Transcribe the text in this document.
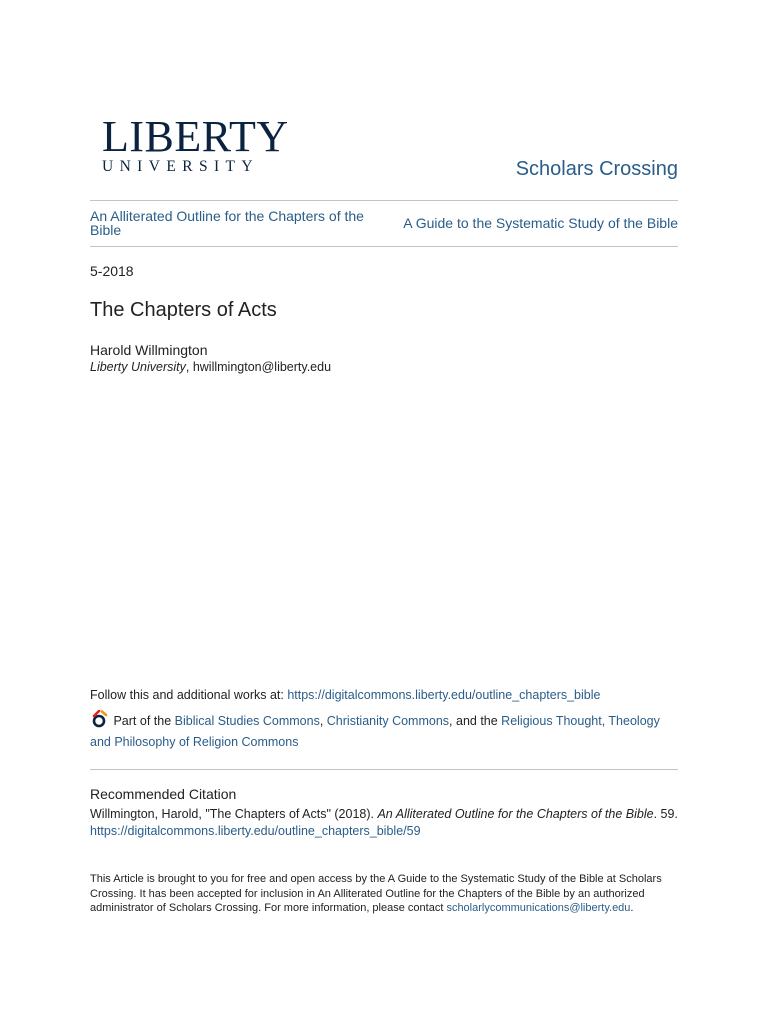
LIBERTY
UNIVERSITY	Scholars Crossing
An Alliterated Outline for the Chapters of the Bible	A Guide to the Systematic Study of the Bible
5-2018
The Chapters of Acts
Harold Willmington
Liberty University, hwillmington@liberty.edu
Follow this and additional works at: https://digitalcommons.liberty.edu/outline_chapters_bible
Part of the Biblical Studies Commons, Christianity Commons, and the Religious Thought, Theology and Philosophy of Religion Commons
Recommended Citation
Willmington, Harold, "The Chapters of Acts" (2018). An Alliterated Outline for the Chapters of the Bible. 59.
https://digitalcommons.liberty.edu/outline_chapters_bible/59
This Article is brought to you for free and open access by the A Guide to the Systematic Study of the Bible at Scholars Crossing. It has been accepted for inclusion in An Alliterated Outline for the Chapters of the Bible by an authorized administrator of Scholars Crossing. For more information, please contact scholarlycommunications@liberty.edu.
